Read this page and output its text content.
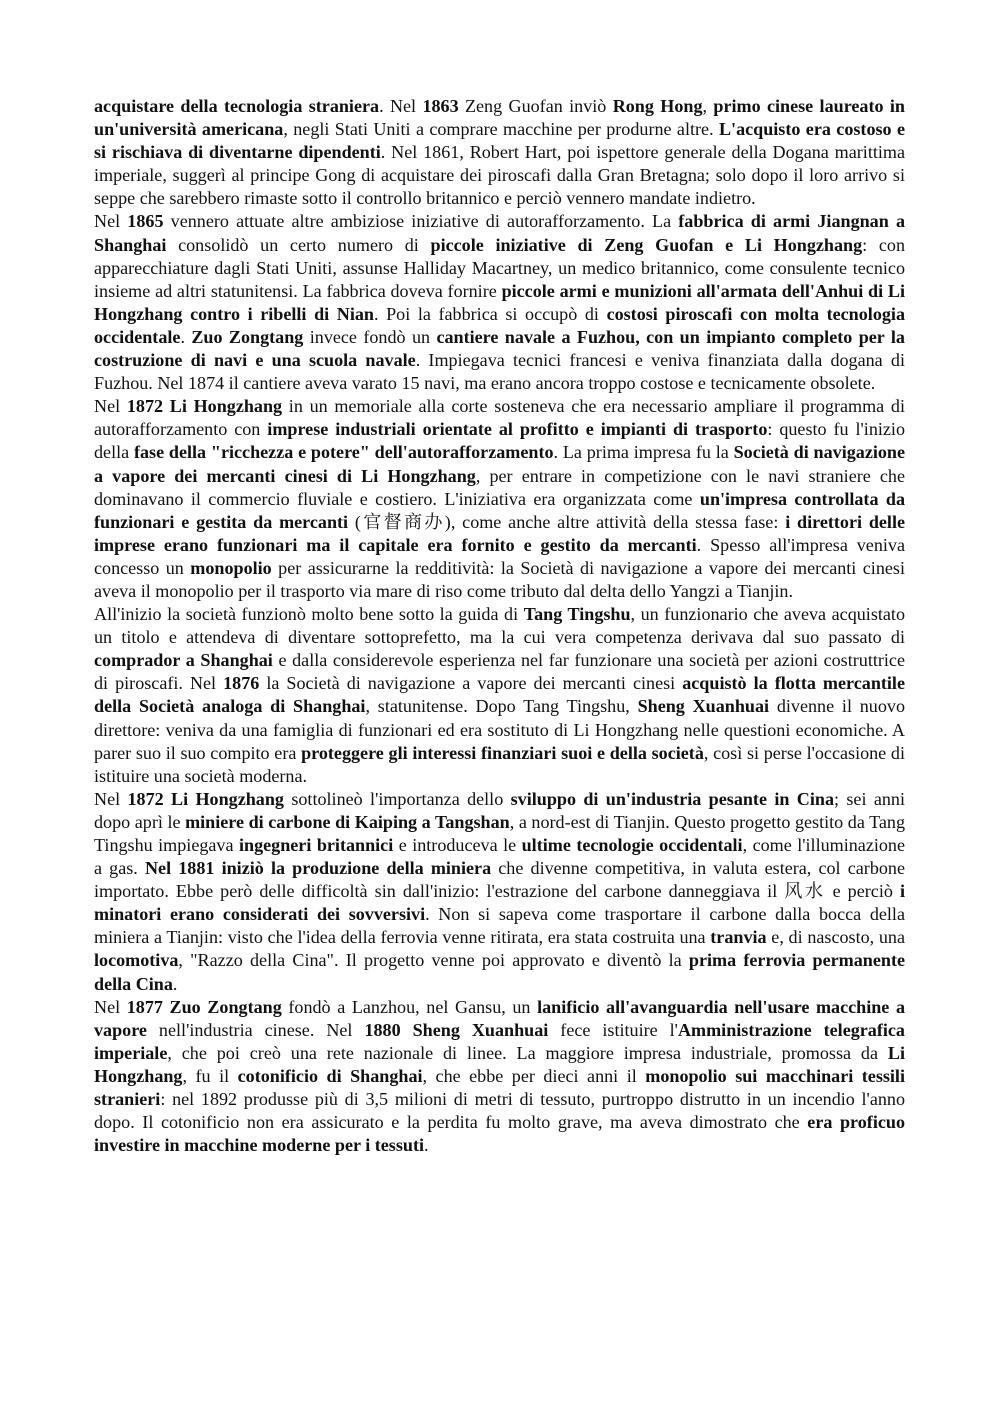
acquistare della tecnologia straniera. Nel 1863 Zeng Guofan inviò Rong Hong, primo cinese laureato in un'università americana, negli Stati Uniti a comprare macchine per produrne altre. L'acquisto era costoso e si rischiava di diventarne dipendenti. Nel 1861, Robert Hart, poi ispettore generale della Dogana marittima imperiale, suggerì al principe Gong di acquistare dei piroscafi dalla Gran Bretagna; solo dopo il loro arrivo si seppe che sarebbero rimaste sotto il controllo britannico e perciò vennero mandate indietro.

Nel 1865 vennero attuate altre ambiziose iniziative di autorafforzamento. La fabbrica di armi Jiangnan a Shanghai consolidò un certo numero di piccole iniziative di Zeng Guofan e Li Hongzhang: con apparecchiature dagli Stati Uniti, assunse Halliday Macartney, un medico britannico, come consulente tecnico insieme ad altri statunitensi. La fabbrica doveva fornire piccole armi e munizioni all'armata dell'Anhui di Li Hongzhang contro i ribelli di Nian. Poi la fabbrica si occupò di costosi piroscafi con molta tecnologia occidentale. Zuo Zongtang invece fondò un cantiere navale a Fuzhou, con un impianto completo per la costruzione di navi e una scuola navale. Impiegava tecnici francesi e veniva finanziata dalla dogana di Fuzhou. Nel 1874 il cantiere aveva varato 15 navi, ma erano ancora troppo costose e tecnicamente obsolete.

Nel 1872 Li Hongzhang in un memoriale alla corte sosteneva che era necessario ampliare il programma di autorafforzamento con imprese industriali orientate al profitto e impianti di trasporto: questo fu l'inizio della fase della "ricchezza e potere" dell'autorafforzamento. La prima impresa fu la Società di navigazione a vapore dei mercanti cinesi di Li Hongzhang, per entrare in competizione con le navi straniere che dominavano il commercio fluviale e costiero. L'iniziativa era organizzata come un'impresa controllata da funzionari e gestita da mercanti (官督商办), come anche altre attività della stessa fase: i direttori delle imprese erano funzionari ma il capitale era fornito e gestito da mercanti. Spesso all'impresa veniva concesso un monopolio per assicurarne la redditività: la Società di navigazione a vapore dei mercanti cinesi aveva il monopolio per il trasporto via mare di riso come tributo dal delta dello Yangzi a Tianjin.

All'inizio la società funzionò molto bene sotto la guida di Tang Tingshu, un funzionario che aveva acquistato un titolo e attendeva di diventare sottoprefetto, ma la cui vera competenza derivava dal suo passato di comprador a Shanghai e dalla considerevole esperienza nel far funzionare una società per azioni costruttrice di piroscafi. Nel 1876 la Società di navigazione a vapore dei mercanti cinesi acquistò la flotta mercantile della Società analoga di Shanghai, statunitense. Dopo Tang Tingshu, Sheng Xuanhuai divenne il nuovo direttore: veniva da una famiglia di funzionari ed era sostituto di Li Hongzhang nelle questioni economiche. A parer suo il suo compito era proteggere gli interessi finanziari suoi e della società, così si perse l'occasione di istituire una società moderna.

Nel 1872 Li Hongzhang sottolineò l'importanza dello sviluppo di un'industria pesante in Cina; sei anni dopo aprì le miniere di carbone di Kaiping a Tangshan, a nord-est di Tianjin. Questo progetto gestito da Tang Tingshu impiegava ingegneri britannici e introduceva le ultime tecnologie occidentali, come l'illuminazione a gas. Nel 1881 iniziò la produzione della miniera che divenne competitiva, in valuta estera, col carbone importato. Ebbe però delle difficoltà sin dall'inizio: l'estrazione del carbone danneggiava il 风水 e perciò i minatori erano considerati dei sovversivi. Non si sapeva come trasportare il carbone dalla bocca della miniera a Tianjin: visto che l'idea della ferrovia venne ritirata, era stata costruita una tranvia e, di nascosto, una locomotiva, "Razzo della Cina". Il progetto venne poi approvato e diventò la prima ferrovia permanente della Cina.

Nel 1877 Zuo Zongtang fondò a Lanzhou, nel Gansu, un lanificio all'avanguardia nell'usare macchine a vapore nell'industria cinese. Nel 1880 Sheng Xuanhuai fece istituire l'Amministrazione telegrafica imperiale, che poi creò una rete nazionale di linee. La maggiore impresa industriale, promossa da Li Hongzhang, fu il cotonificio di Shanghai, che ebbe per dieci anni il monopolio sui macchinari tessili stranieri: nel 1892 produsse più di 3,5 milioni di metri di tessuto, purtroppo distrutto in un incendio l'anno dopo. Il cotonificio non era assicurato e la perdita fu molto grave, ma aveva dimostrato che era proficuo investire in macchine moderne per i tessuti.
